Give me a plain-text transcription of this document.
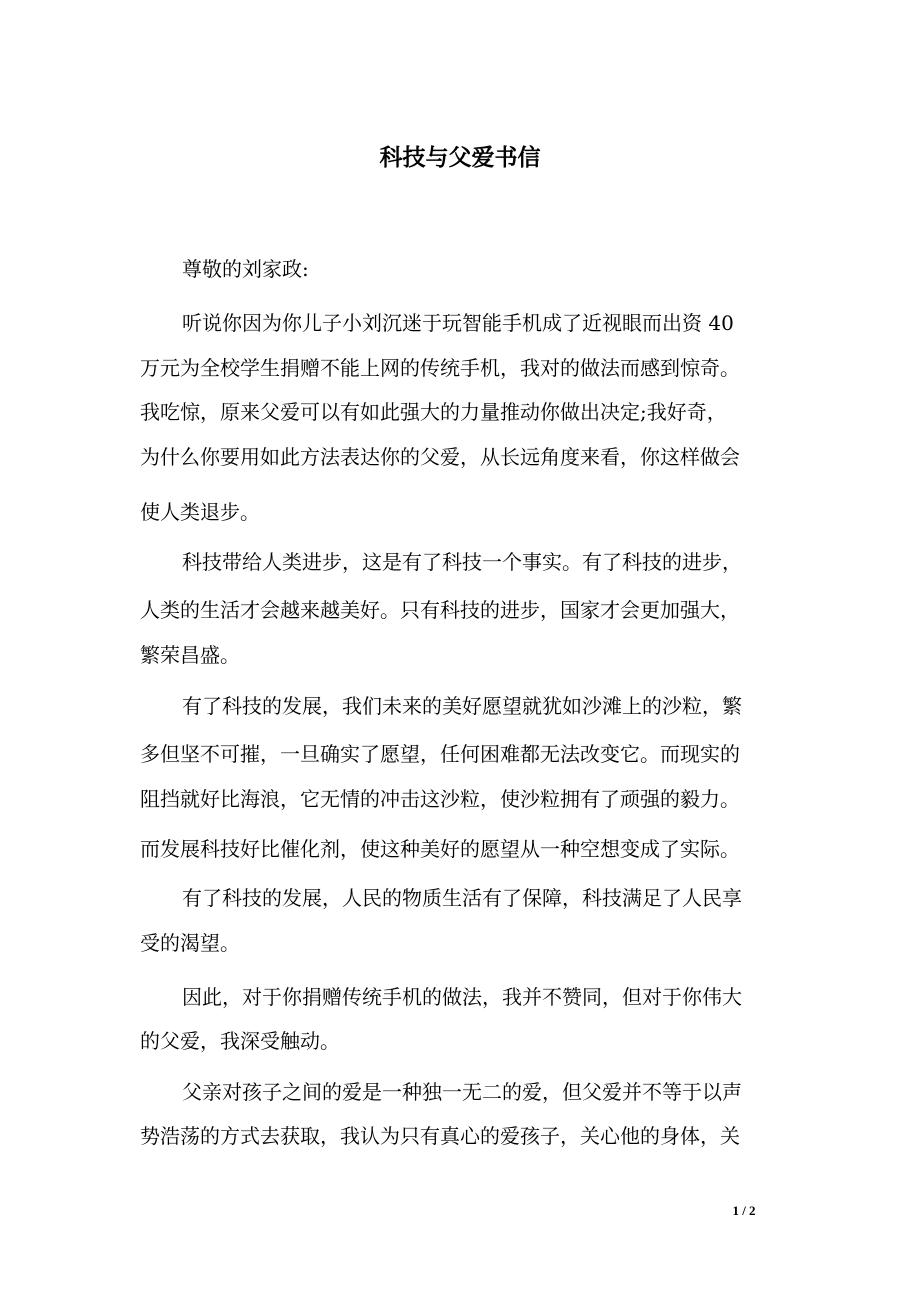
科技与父爱书信

尊敬的刘家政:

听说你因为你儿子小刘沉迷于玩智能手机成了近视眼而出资 40

万元为全校学生捐赠不能上网的传统手机，我对的做法而感到惊奇。

我吃惊，原来父爱可以有如此强大的力量推动你做出决定;我好奇，

为什么你要用如此方法表达你的父爱，从长远角度来看，你这样做会

使人类退步。

科技带给人类进步，这是有了科技一个事实。有了科技的进步，

人类的生活才会越来越美好。只有科技的进步，国家才会更加强大，

繁荣昌盛。

有了科技的发展，我们未来的美好愿望就犹如沙滩上的沙粒，繁

多但坚不可摧，一旦确实了愿望，任何困难都无法改变它。而现实的

阻挡就好比海浪，它无情的冲击这沙粒，使沙粒拥有了顽强的毅力。

而发展科技好比催化剂，使这种美好的愿望从一种空想变成了实际。

有了科技的发展，人民的物质生活有了保障，科技满足了人民享

受的渴望。

因此，对于你捐赠传统手机的做法，我并不赞同，但对于你伟大

的父爱，我深受触动。

父亲对孩子之间的爱是一种独一无二的爱，但父爱并不等于以声

势浩荡的方式去获取，我认为只有真心的爱孩子，关心他的身体，关

1 / 2
